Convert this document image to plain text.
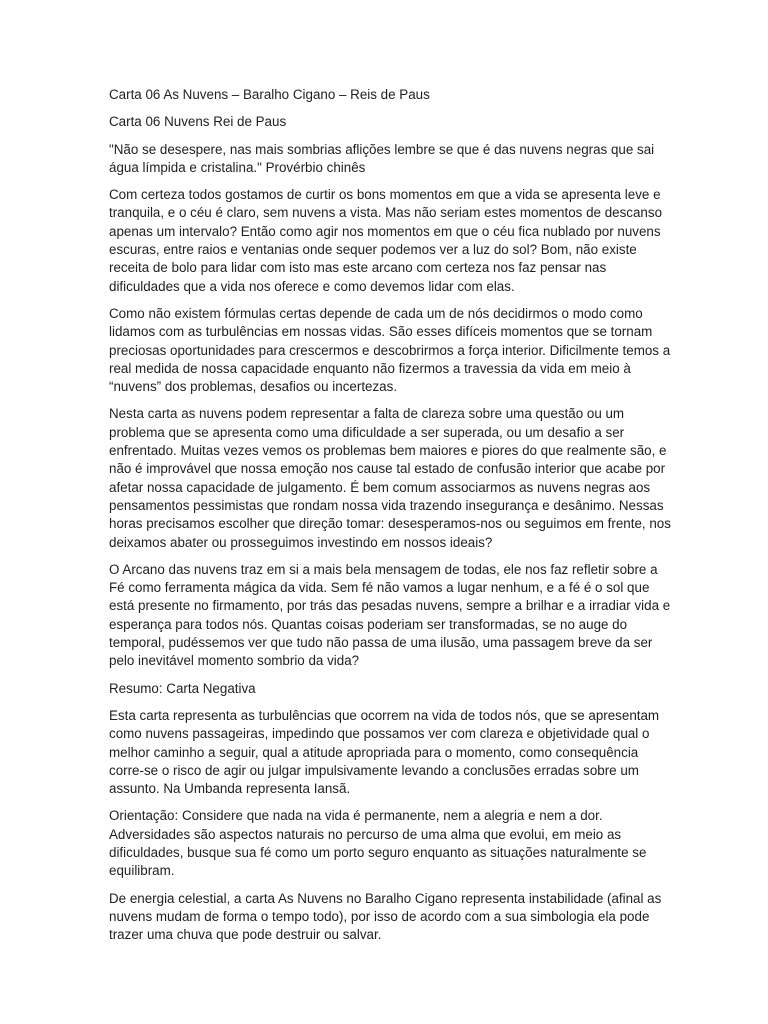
Carta 06 As Nuvens – Baralho Cigano – Reis de Paus

Carta 06 Nuvens Rei de Paus

"Não se desespere, nas mais sombrias aflições lembre se que é das nuvens negras que sai água límpida e cristalina." Provérbio chinês

Com certeza todos gostamos de curtir os bons momentos em que a vida se apresenta leve e tranquila, e o céu é claro, sem nuvens a vista. Mas não seriam estes momentos de descanso apenas um intervalo? Então como agir nos momentos em que o céu fica nublado por nuvens escuras, entre raios e ventanias onde sequer podemos ver a luz do sol? Bom, não existe receita de bolo para lidar com isto mas este arcano com certeza nos faz pensar nas dificuldades que a vida nos oferece e como devemos lidar com elas.

Como não existem fórmulas certas depende de cada um de nós decidirmos o modo como lidamos com as turbulências em nossas vidas. São esses difíceis momentos que se tornam preciosas oportunidades para crescermos e descobrirmos a força interior. Dificilmente temos a real medida de nossa capacidade enquanto não fizermos a travessia da vida em meio à “nuvens” dos problemas, desafios ou incertezas.

Nesta carta as nuvens podem representar a falta de clareza sobre uma questão ou um problema que se apresenta como uma dificuldade a ser superada, ou um desafio a ser enfrentado. Muitas vezes vemos os problemas bem maiores e piores do que realmente são, e não é improvável que nossa emoção nos cause tal estado de confusão interior que acabe por afetar nossa capacidade de julgamento. É bem comum associarmos as nuvens negras aos pensamentos pessimistas que rondam nossa vida trazendo insegurança e desânimo. Nessas horas precisamos escolher que direção tomar: desesperamos-nos ou seguimos em frente, nos deixamos abater ou prosseguimos investindo em nossos ideais?

O Arcano das nuvens traz em si a mais bela mensagem de todas, ele nos faz refletir sobre a Fé como ferramenta mágica da vida. Sem fé não vamos a lugar nenhum, e a fé é o sol que está presente no firmamento, por trás das pesadas nuvens, sempre a brilhar e a irradiar vida e esperança para todos nós. Quantas coisas poderiam ser transformadas, se no auge do temporal, pudéssemos ver que tudo não passa de uma ilusão, uma passagem breve da ser pelo inevitável momento sombrio da vida?

Resumo: Carta Negativa

Esta carta representa as turbulências que ocorrem na vida de todos nós, que se apresentam como nuvens passageiras, impedindo que possamos ver com clareza e objetividade qual o melhor caminho a seguir, qual a atitude apropriada para o momento, como consequência corre-se o risco de agir ou julgar impulsivamente levando a conclusões erradas sobre um assunto. Na Umbanda representa Iansã.

Orientação: Considere que nada na vida é permanente, nem a alegria e nem a dor. Adversidades são aspectos naturais no percurso de uma alma que evolui, em meio as dificuldades, busque sua fé como um porto seguro enquanto as situações naturalmente se equilibram.

De energia celestial, a carta As Nuvens no Baralho Cigano representa instabilidade (afinal as nuvens mudam de forma o tempo todo), por isso de acordo com a sua simbologia ela pode trazer uma chuva que pode destruir ou salvar.
